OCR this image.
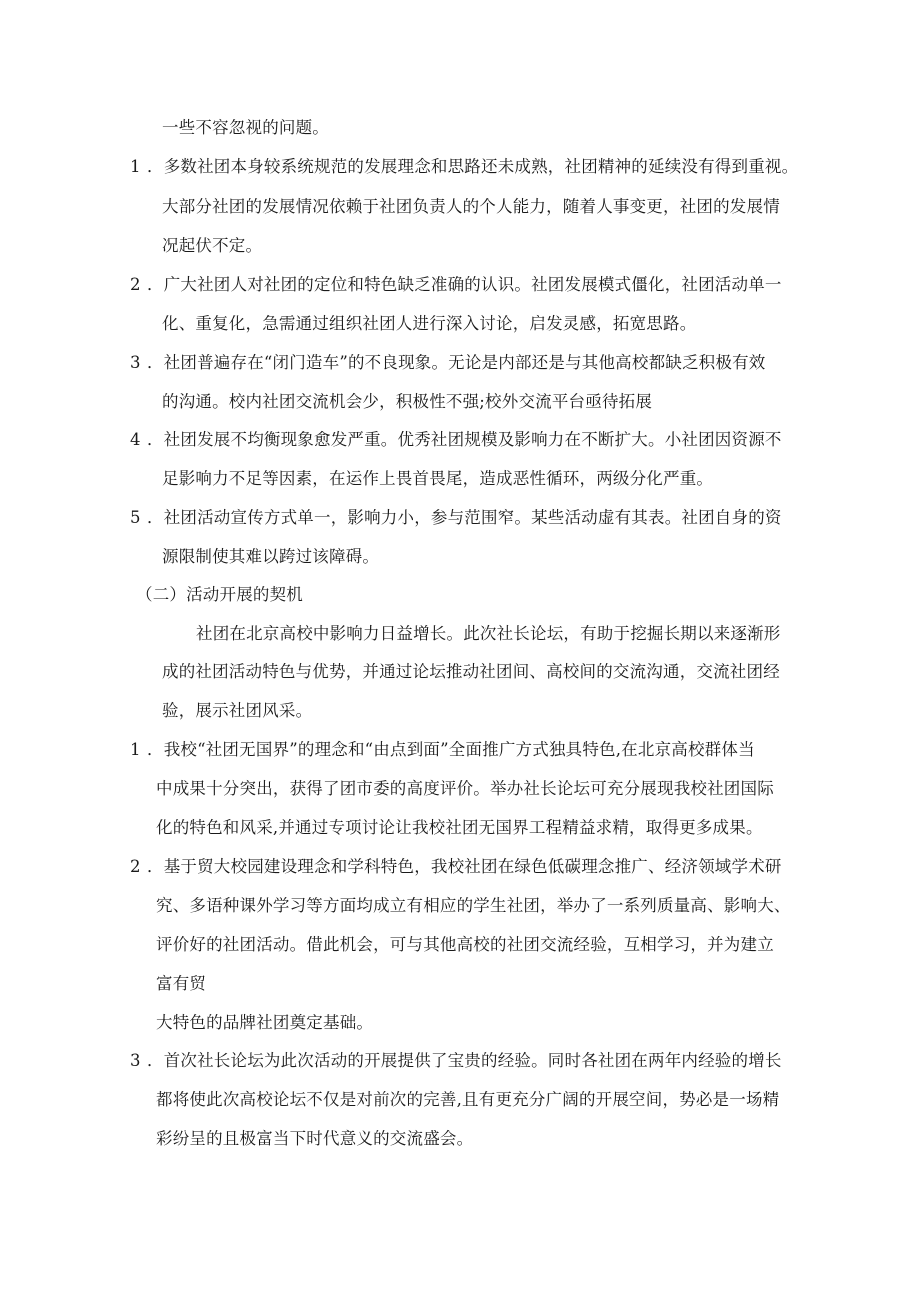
一些不容忽视的问题。
1 ．多数社团本身较系统规范的发展理念和思路还未成熟，社团精神的延续没有得到重视。
大部分社团的发展情况依赖于社团负责人的个人能力，随着人事变更，社团的发展情
况起伏不定。
2 ．广大社团人对社团的定位和特色缺乏准确的认识。社团发展模式僵化，社团活动单一
化、重复化，急需通过组织社团人进行深入讨论，启发灵感，拓宽思路。
3 ．社团普遍存在“闭门造车”的不良现象。无论是内部还是与其他高校都缺乏积极有效
的沟通。校内社团交流机会少，积极性不强;校外交流平台亟待拓展
4 ．社团发展不均衡现象愈发严重。优秀社团规模及影响力在不断扩大。小社团因资源不
足影响力不足等因素，在运作上畏首畏尾，造成恶性循环，两级分化严重。
5 ．社团活动宣传方式单一，影响力小，参与范围窄。某些活动虚有其表。社团自身的资
源限制使其难以跨过该障碍。
（二）活动开展的契机
社团在北京高校中影响力日益增长。此次社长论坛，有助于挖掘长期以来逐渐形
成的社团活动特色与优势，并通过论坛推动社团间、高校间的交流沟通，交流社团经
验，展示社团风采。
1 ．我校“社团无国界”的理念和“由点到面”全面推广方式独具特色,在北京高校群体当
中成果十分突出，获得了团市委的高度评价。举办社长论坛可充分展现我校社团国际
化的特色和风采,并通过专项讨论让我校社团无国界工程精益求精，取得更多成果。
2 ．基于贸大校园建设理念和学科特色，我校社团在绿色低碳理念推广、经济领域学术研
究、多语种课外学习等方面均成立有相应的学生社团，举办了一系列质量高、影响大、
评价好的社团活动。借此机会，可与其他高校的社团交流经验，互相学习，并为建立
富有贸
大特色的品牌社团奠定基础。
3 ．首次社长论坛为此次活动的开展提供了宝贵的经验。同时各社团在两年内经验的增长
都将使此次高校论坛不仅是对前次的完善,且有更充分广阔的开展空间，势必是一场精
彩纷呈的且极富当下时代意义的交流盛会。
